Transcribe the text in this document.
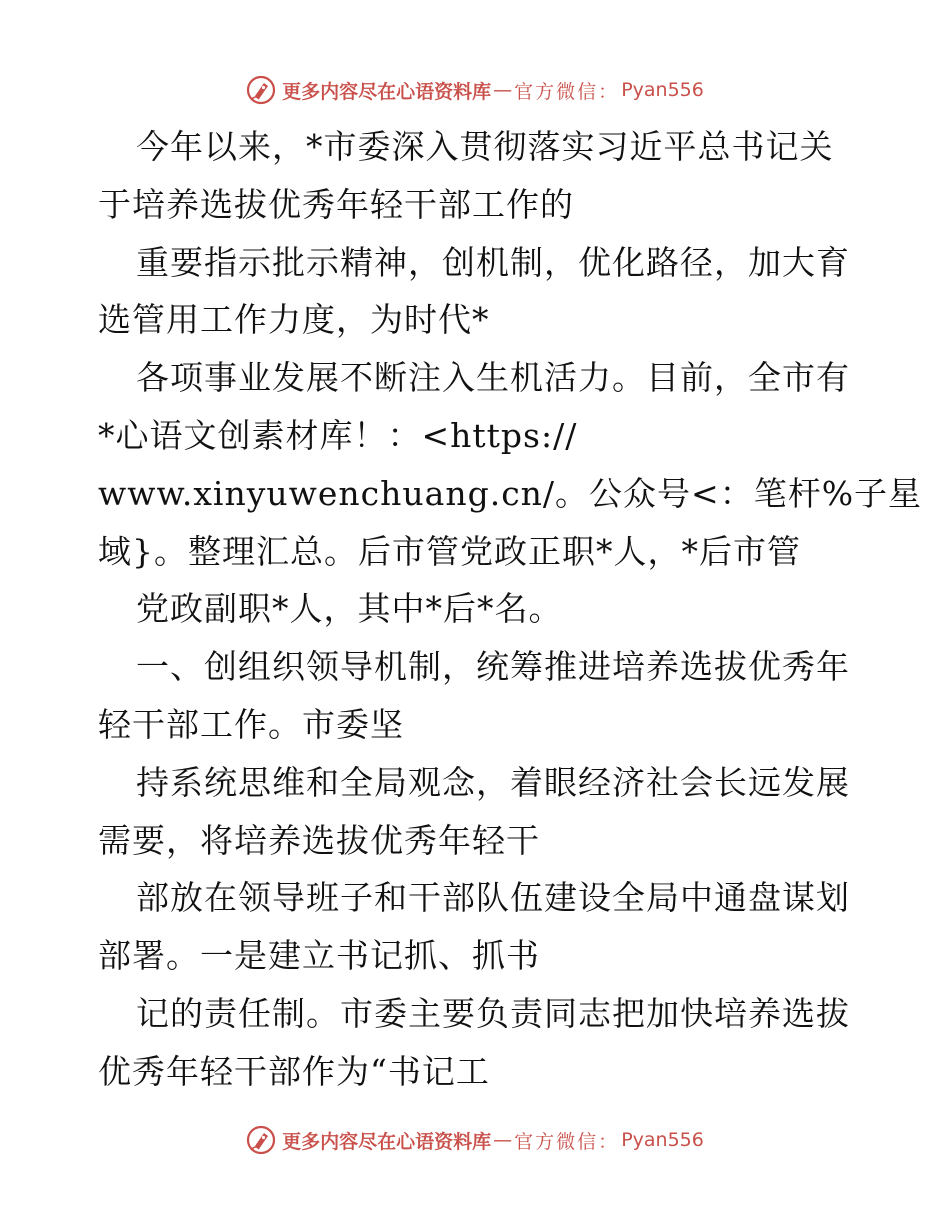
更多内容尽在心语资料库 — 官方微信： Pyan556
今年以来，*市委深入贯彻落实习近平总书记关
于培养选拔优秀年轻干部工作的
重要指示批示精神，创机制，优化路径，加大育
选管用工作力度，为时代*
各项事业发展不断注入生机活力。目前，全市有
*心语文创素材库！：<https://
www.xinyuwenchuang.cn/。公众号<：笔杆%子星
域}。整理汇总。后市管党政正职*人，*后市管
党政副职*人，其中*后*名。
一、创组织领导机制，统筹推进培养选拔优秀年
轻干部工作。市委坚
持系统思维和全局观念，着眼经济社会长远发展
需要，将培养选拔优秀年轻干
部放在领导班子和干部队伍建设全局中通盘谋划
部署。一是建立书记抓、抓书
记的责任制。市委主要负责同志把加快培养选拔
优秀年轻干部作为“书记工
更多内容尽在心语资料库 — 官方微信： Pyan556
